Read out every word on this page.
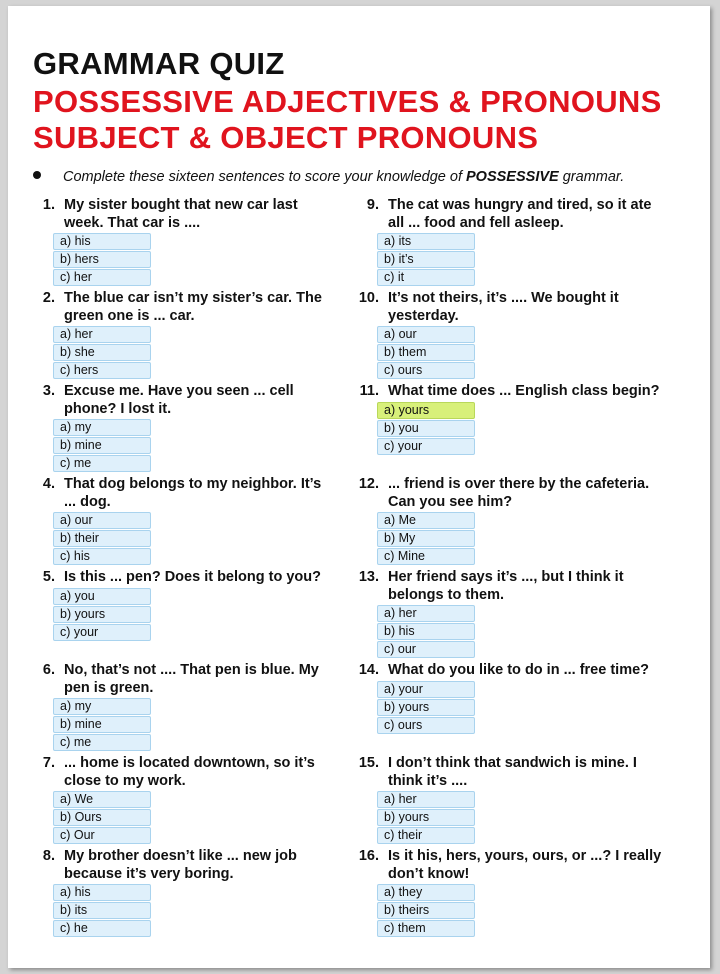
GRAMMAR QUIZ
POSSESSIVE ADJECTIVES & PRONOUNS
SUBJECT & OBJECT PRONOUNS
Complete these sixteen sentences to score your knowledge of POSSESSIVE grammar.
1. My sister bought that new car last week. That car is ....
a) his
b) hers
c) her
2. The blue car isn’t my sister’s car. The green one is ... car.
a) her
b) she
c) hers
3. Excuse me. Have you seen ... cell phone? I lost it.
a) my
b) mine
c) me
4. That dog belongs to my neighbor. It’s ... dog.
a) our
b) their
c) his
5. Is this ... pen? Does it belong to you?
a) you
b) yours
c) your
6. No, that’s not .... That pen is blue. My pen is green.
a) my
b) mine
c) me
7. ... home is located downtown, so it’s close to my work.
a) We
b) Ours
c) Our
8. My brother doesn’t like ... new job because it’s very boring.
a) his
b) its
c) he
9. The cat was hungry and tired, so it ate all ... food and fell asleep.
a) its
b) it’s
c) it
10. It’s not theirs, it’s .... We bought it yesterday.
a) our
b) them
c) ours
11. What time does ... English class begin?
a) yours
b) you
c) your
12. ... friend is over there by the cafeteria. Can you see him?
a) Me
b) My
c) Mine
13. Her friend says it’s ..., but I think it belongs to them.
a) her
b) his
c) our
14. What do you like to do in ... free time?
a) your
b) yours
c) ours
15. I don’t think that sandwich is mine. I think it’s ....
a) her
b) yours
c) their
16. Is it his, hers, yours, ours, or ...? I really don’t know!
a) they
b) theirs
c) them
